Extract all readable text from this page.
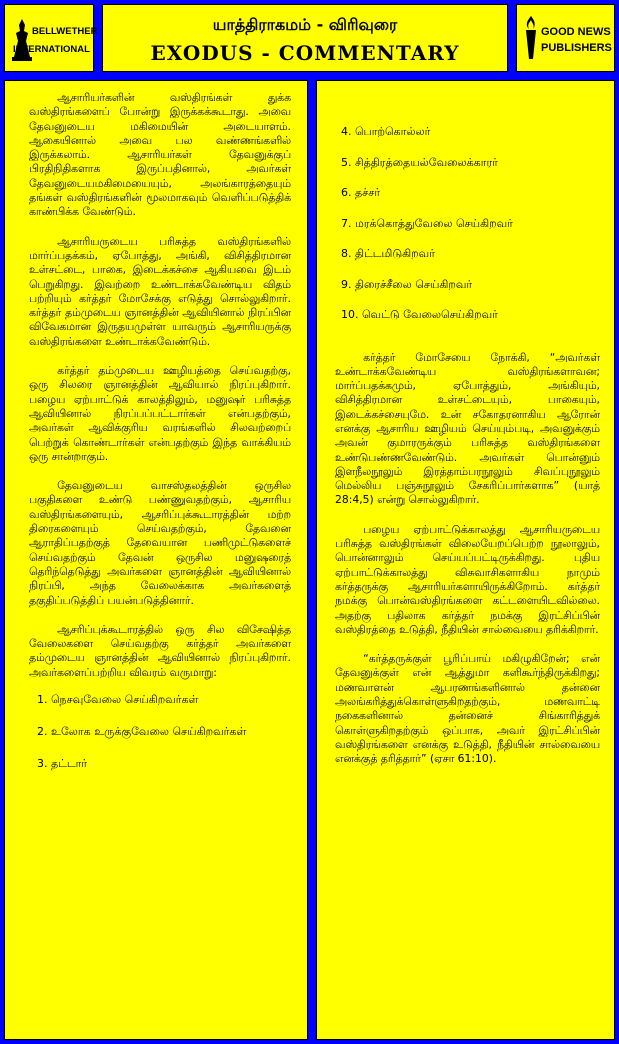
BELLWETHER
INTERNATIONAL
யாத்திராகமம் - விரிவுரை
EXODUS - COMMENTARY
GOOD NEWS
PUBLISHERS

ஆசாரியர்களின் வஸ்திரங்கள் துக்க வஸ்திரங்களைப் போன்று இருக்கக்கூடாது. அவை தேவனுடைய மகிமையின் அடையாளம். ஆகையினால் அவை பல வண்ணங்களில் இருக்கலாம். ஆசாரியர்கள் தேவனுக்குப் பிரதிநிதிகளாக இருப்பதினால், அவர்கள் தேவனுடையமகிமையையும், அலங்காரத்தையும் தங்கள் வஸ்திரங்களின் மூலமாகவும் வெளிப்படுத்திக் காண்பிக்க வேண்டும்.

ஆசாரியருடைய பரிசுத்த வஸ்திரங்களில் மார்ப்பதக்கம், ஏபோத்து, அங்கி, விசித்திரமான உள்சட்டை, பாகை, இடைக்கச்சை ஆகியவை இடம் பெறுகிறது. இவற்றை உண்டாக்கவேண்டிய விதம் பற்றியும் கர்த்தர் மோசேக்கு எடுத்து சொல்லுகிறார். கர்த்தர் தம்முடைய ஞானத்தின் ஆவியினால் நிரப்பின விவேகமான இருதயமுள்ள யாவரும் ஆசாரியருக்கு வஸ்திரங்களை உண்டாக்கவேண்டும்.

கர்த்தர் தம்முடைய ஊழியத்தை செய்வதற்கு, ஒரு சிலரை ஞானத்தின் ஆவியால் நிரப்புகிறார். பழைய ஏற்பாட்டுக் காலத்திலும், மனுஷர் பரிசுத்த ஆவியினால் நிரப்பப்பட்டார்கள் என்பதற்கும், அவர்கள் ஆவிக்குரிய வரங்களில் சிலவற்றைப் பெற்றுக் கொண்டார்கள் என்பதற்கும் இந்த வாக்கியம் ஒரு சான்றாகும்.

தேவனுடைய வாசஸ்தலத்தின் ஒருசில பகுதிகளை உண்டு பண்ணுவதற்கும், ஆசாரிய வஸ்திரங்களையும், ஆசரிப்புக்கூடாரத்தின் மற்ற திரைகளையும் செய்வதற்கும், தேவனை ஆராதிப்பதற்குத் தேவையான பணிமுட்டுகளைச் செய்வதற்கும் தேவன் ஒருசில மனுஷரைத் தெரிந்தெடுத்து அவர்களை ஞானத்தின் ஆவியினால் நிரப்பி, அந்த வேலைக்காக அவர்களைத் தகுதிப்படுத்திப் பயன்படுத்தினார்.

ஆசரிப்புக்கூடாரத்தில் ஒரு சில விசேஷித்த வேலைகளை செய்வதற்கு கர்த்தர் அவர்களை தம்முடைய ஞானத்தின் ஆவியினால் நிரப்புகிறார். அவர்களைப்பற்றிய விவரம் வருமாறு:

1. நெசவுவேலை செய்கிறவர்கள்
2. உலோக உருக்குவேலை செய்கிறவர்கள்
3. தட்டார்
4. பொற்கொல்லர்
5. சித்திரத்தையல்வேலைக்காரர்
6. தச்சர்
7. மரக்கொத்துவேலை செய்கிறவர்
8. திட்டமிடுகிறவர்
9. திரைச்சீலை செய்கிறவர்
10. வெட்டு வேலைசெய்கிறவர்

கர்த்தர் மோசேயை நோக்கி, “அவர்கள் உண்டாக்கவேண்டிய வஸ்திரங்களாவன; மார்ப்பதக்கமும், ஏபோத்தும், அங்கியும், விசித்திரமான உள்சட்டையும், பாகையும், இடைக்கச்சையுமே. உன் சகோதரனாகிய ஆரோன் எனக்கு ஆசாரிய ஊழியம் செய்யும்படி, அவனுக்கும் அவன் குமாரருக்கும் பரிசுத்த வஸ்திரங்களை உண்டுபண்ணவேண்டும். அவர்கள் பொன்னும் இளநீலநூலும் இரத்தாம்பரநூலும் சிவப்புநூலும் மெல்லிய பஞ்சுநூலும் சேகரிப்பார்களாக” (யாத் 28:4,5) என்று சொல்லுகிறார்.

பழைய ஏற்பாட்டுக்காலத்து ஆசாரியருடைய பரிசுத்த வஸ்திரங்கள் விலையேறப்பெற்ற நூலாலும், பொன்னாலும் செய்யப்பட்டிருக்கிறது. புதிய ஏற்பாட்டுக்காலத்து விசுவாசிகளாகிய நாமும் கர்த்தருக்கு ஆசாரியர்களாயிருக்கிறோம். கர்த்தர் நமக்கு பொன்வஸ்திரங்களை கட்டளையிடவில்லை. அதற்கு பதிலாக கர்த்தர் நமக்கு இரட்சிப்பின் வஸ்திரத்தை உடுத்தி, நீதியின் சால்வையை தரிக்கிறார்.

“கர்த்தருக்குள் பூரிப்பாய் மகிழுகிறேன்; என் தேவனுக்குள் என் ஆத்துமா களிகூர்ந்திருக்கிறது; மணவாளன் ஆபரணங்களினால் தன்னை அலங்கரித்துக்கொள்ளுகிறதற்கும், மணவாட்டி நகைகளினால் தன்னைச் சிங்காரித்துக் கொள்ளுகிறதற்கும் ஒப்பாக, அவர் இரட்சிப்பின் வஸ்திரங்களை எனக்கு உடுத்தி, நீதியின் சால்வையை எனக்குத் தரித்தார்” (ஏசா 61:10).
